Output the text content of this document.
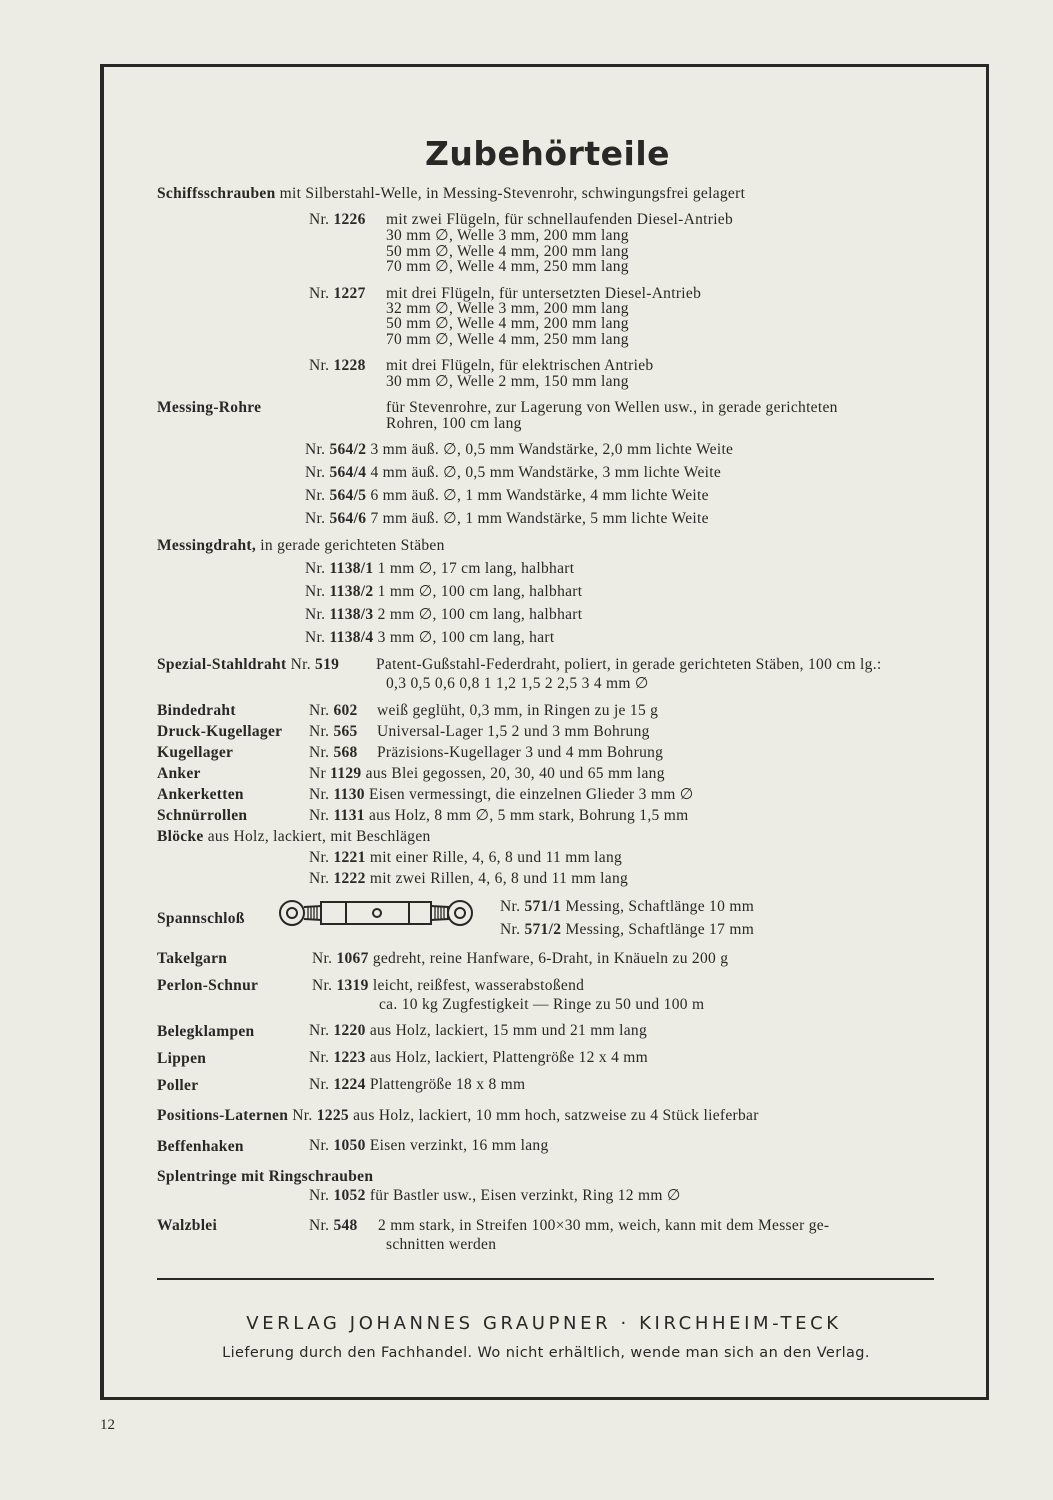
Zubehörteile
Schiffsschrauben mit Silberstahl-Welle, in Messing-Stevenrohr, schwingungsfrei gelagert
Nr. 1226 mit zwei Flügeln, für schnellaufenden Diesel-Antrieb
30 mm ∅, Welle 3 mm, 200 mm lang
50 mm ∅, Welle 4 mm, 200 mm lang
70 mm ∅, Welle 4 mm, 250 mm lang
Nr. 1227 mit drei Flügeln, für untersetzten Diesel-Antrieb
32 mm ∅, Welle 3 mm, 200 mm lang
50 mm ∅, Welle 4 mm, 200 mm lang
70 mm ∅, Welle 4 mm, 250 mm lang
Nr. 1228 mit drei Flügeln, für elektrischen Antrieb
30 mm ∅, Welle 2 mm, 150 mm lang
Messing-Rohre	für Stevenrohre, zur Lagerung von Wellen usw., in gerade gerichteten
Rohren, 100 cm lang
Nr. 564/2 3 mm äuß. ∅, 0,5 mm Wandstärke, 2,0 mm lichte Weite
Nr. 564/4 4 mm äuß. ∅, 0,5 mm Wandstärke, 3 mm lichte Weite
Nr. 564/5 6 mm äuß. ∅, 1 mm Wandstärke, 4 mm lichte Weite
Nr. 564/6 7 mm äuß. ∅, 1 mm Wandstärke, 5 mm lichte Weite
Messingdraht, in gerade gerichteten Stäben
Nr. 1138/1 1 mm ∅, 17 cm lang, halbhart
Nr. 1138/2 1 mm ∅, 100 cm lang, halbhart
Nr. 1138/3 2 mm ∅, 100 cm lang, halbhart
Nr. 1138/4 3 mm ∅, 100 cm lang, hart
Spezial-Stahldraht Nr. 519 Patent-Gußstahl-Federdraht, poliert, in gerade gerichteten Stäben, 100 cm lg.:
0,3 0,5 0,6 0,8 1 1,2 1,5 2 2,5 3 4 mm ∅
Bindedraht	Nr. 602 weiß geglüht, 0,3 mm, in Ringen zu je 15 g
Druck-Kugellager Nr. 565 Universal-Lager 1,5 2 und 3 mm Bohrung
Kugellager	Nr. 568 Präzisions-Kugellager 3 und 4 mm Bohrung
Anker	Nr 1129 aus Blei gegossen, 20, 30, 40 und 65 mm lang
Ankerketten	Nr. 1130 Eisen vermessingt, die einzelnen Glieder 3 mm ∅
Schnürrollen	Nr. 1131 aus Holz, 8 mm ∅, 5 mm stark, Bohrung 1,5 mm
Blöcke aus Holz, lackiert, mit Beschlägen
Nr. 1221 mit einer Rille, 4, 6, 8 und 11 mm lang
Nr. 1222 mit zwei Rillen, 4, 6, 8 und 11 mm lang
Spannschloß
Nr. 571/1 Messing, Schaftlänge 10 mm
Nr. 571/2 Messing, Schaftlänge 17 mm
Takelgarn	Nr. 1067 gedreht, reine Hanfware, 6-Draht, in Knäueln zu 200 g
Perlon-Schnur	Nr. 1319 leicht, reißfest, wasserabstoßend
ca. 10 kg Zugfestigkeit — Ringe zu 50 und 100 m
Belegklampen	Nr. 1220 aus Holz, lackiert, 15 mm und 21 mm lang
Lippen	Nr. 1223 aus Holz, lackiert, Plattengröße 12 x 4 mm
Poller	Nr. 1224 Plattengröße 18 x 8 mm
Positions-Laternen Nr. 1225 aus Holz, lackiert, 10 mm hoch, satzweise zu 4 Stück lieferbar
Beffenhaken	Nr. 1050 Eisen verzinkt, 16 mm lang
Splentringe mit Ringschrauben
Nr. 1052 für Bastler usw., Eisen verzinkt, Ring 12 mm ∅
Walzblei	Nr. 548 2 mm stark, in Streifen 100×30 mm, weich, kann mit dem Messer ge-
schnitten werden
VERLAG JOHANNES GRAUPNER · KIRCHHEIM-TECK
Lieferung durch den Fachhandel. Wo nicht erhältlich, wende man sich an den Verlag.
12
